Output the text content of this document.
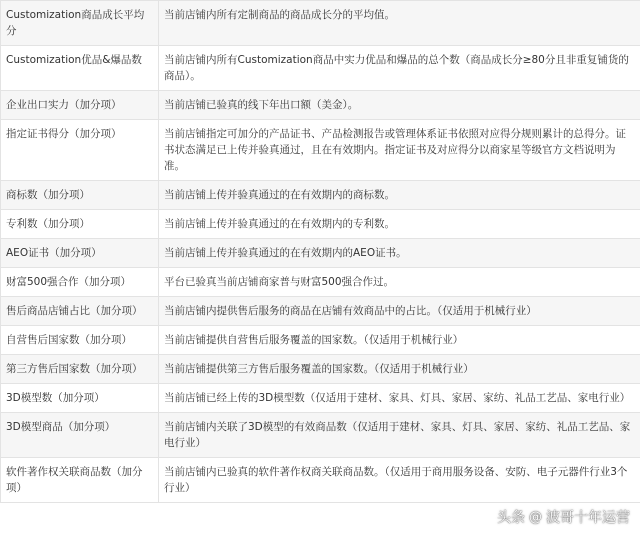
Customization商品成长平均分	当前店铺内所有定制商品的商品成长分的平均值。
Customization优品&爆品数	当前店铺内所有Customization商品中实力优品和爆品的总个数（商品成长分≥80分且非重复铺货的商品）。
企业出口实力（加分项）	当前店铺已验真的线下年出口额（美金）。
指定证书得分（加分项）	当前店铺指定可加分的产品证书、产品检测报告或管理体系证书依照对应得分规则累计的总得分。证书状态满足已上传并验真通过，且在有效期内。指定证书及对应得分以商家星等级官方文档说明为准。
商标数（加分项）	当前店铺上传并验真通过的在有效期内的商标数。
专利数（加分项）	当前店铺上传并验真通过的在有效期内的专利数。
AEO证书（加分项）	当前店铺上传并验真通过的在有效期内的AEO证书。
财富500强合作（加分项）	平台已验真当前店铺商家普与财富500强合作过。
售后商品店铺占比（加分项）	当前店铺内提供售后服务的商品在店铺有效商品中的占比。（仅适用于机械行业）
自营售后国家数（加分项）	当前店铺提供自营售后服务覆盖的国家数。（仅适用于机械行业）
第三方售后国家数（加分项）	当前店铺提供第三方售后服务覆盖的国家数。（仅适用于机械行业）
3D模型数（加分项）	当前店铺已经上传的3D模型数（仅适用于建材、家具、灯具、家居、家纺、礼品工艺品、家电行业）
3D模型商品（加分项）	当前店铺内关联了3D模型的有效商品数（仅适用于建材、家具、灯具、家居、家纺、礼品工艺品、家电行业）
软件著作权关联商品数（加分项）	当前店铺内已验真的软件著作权商关联商品数。（仅适用于商用服务设备、安防、电子元器件行业3个行业）
头条 @ 波哥十年运营
